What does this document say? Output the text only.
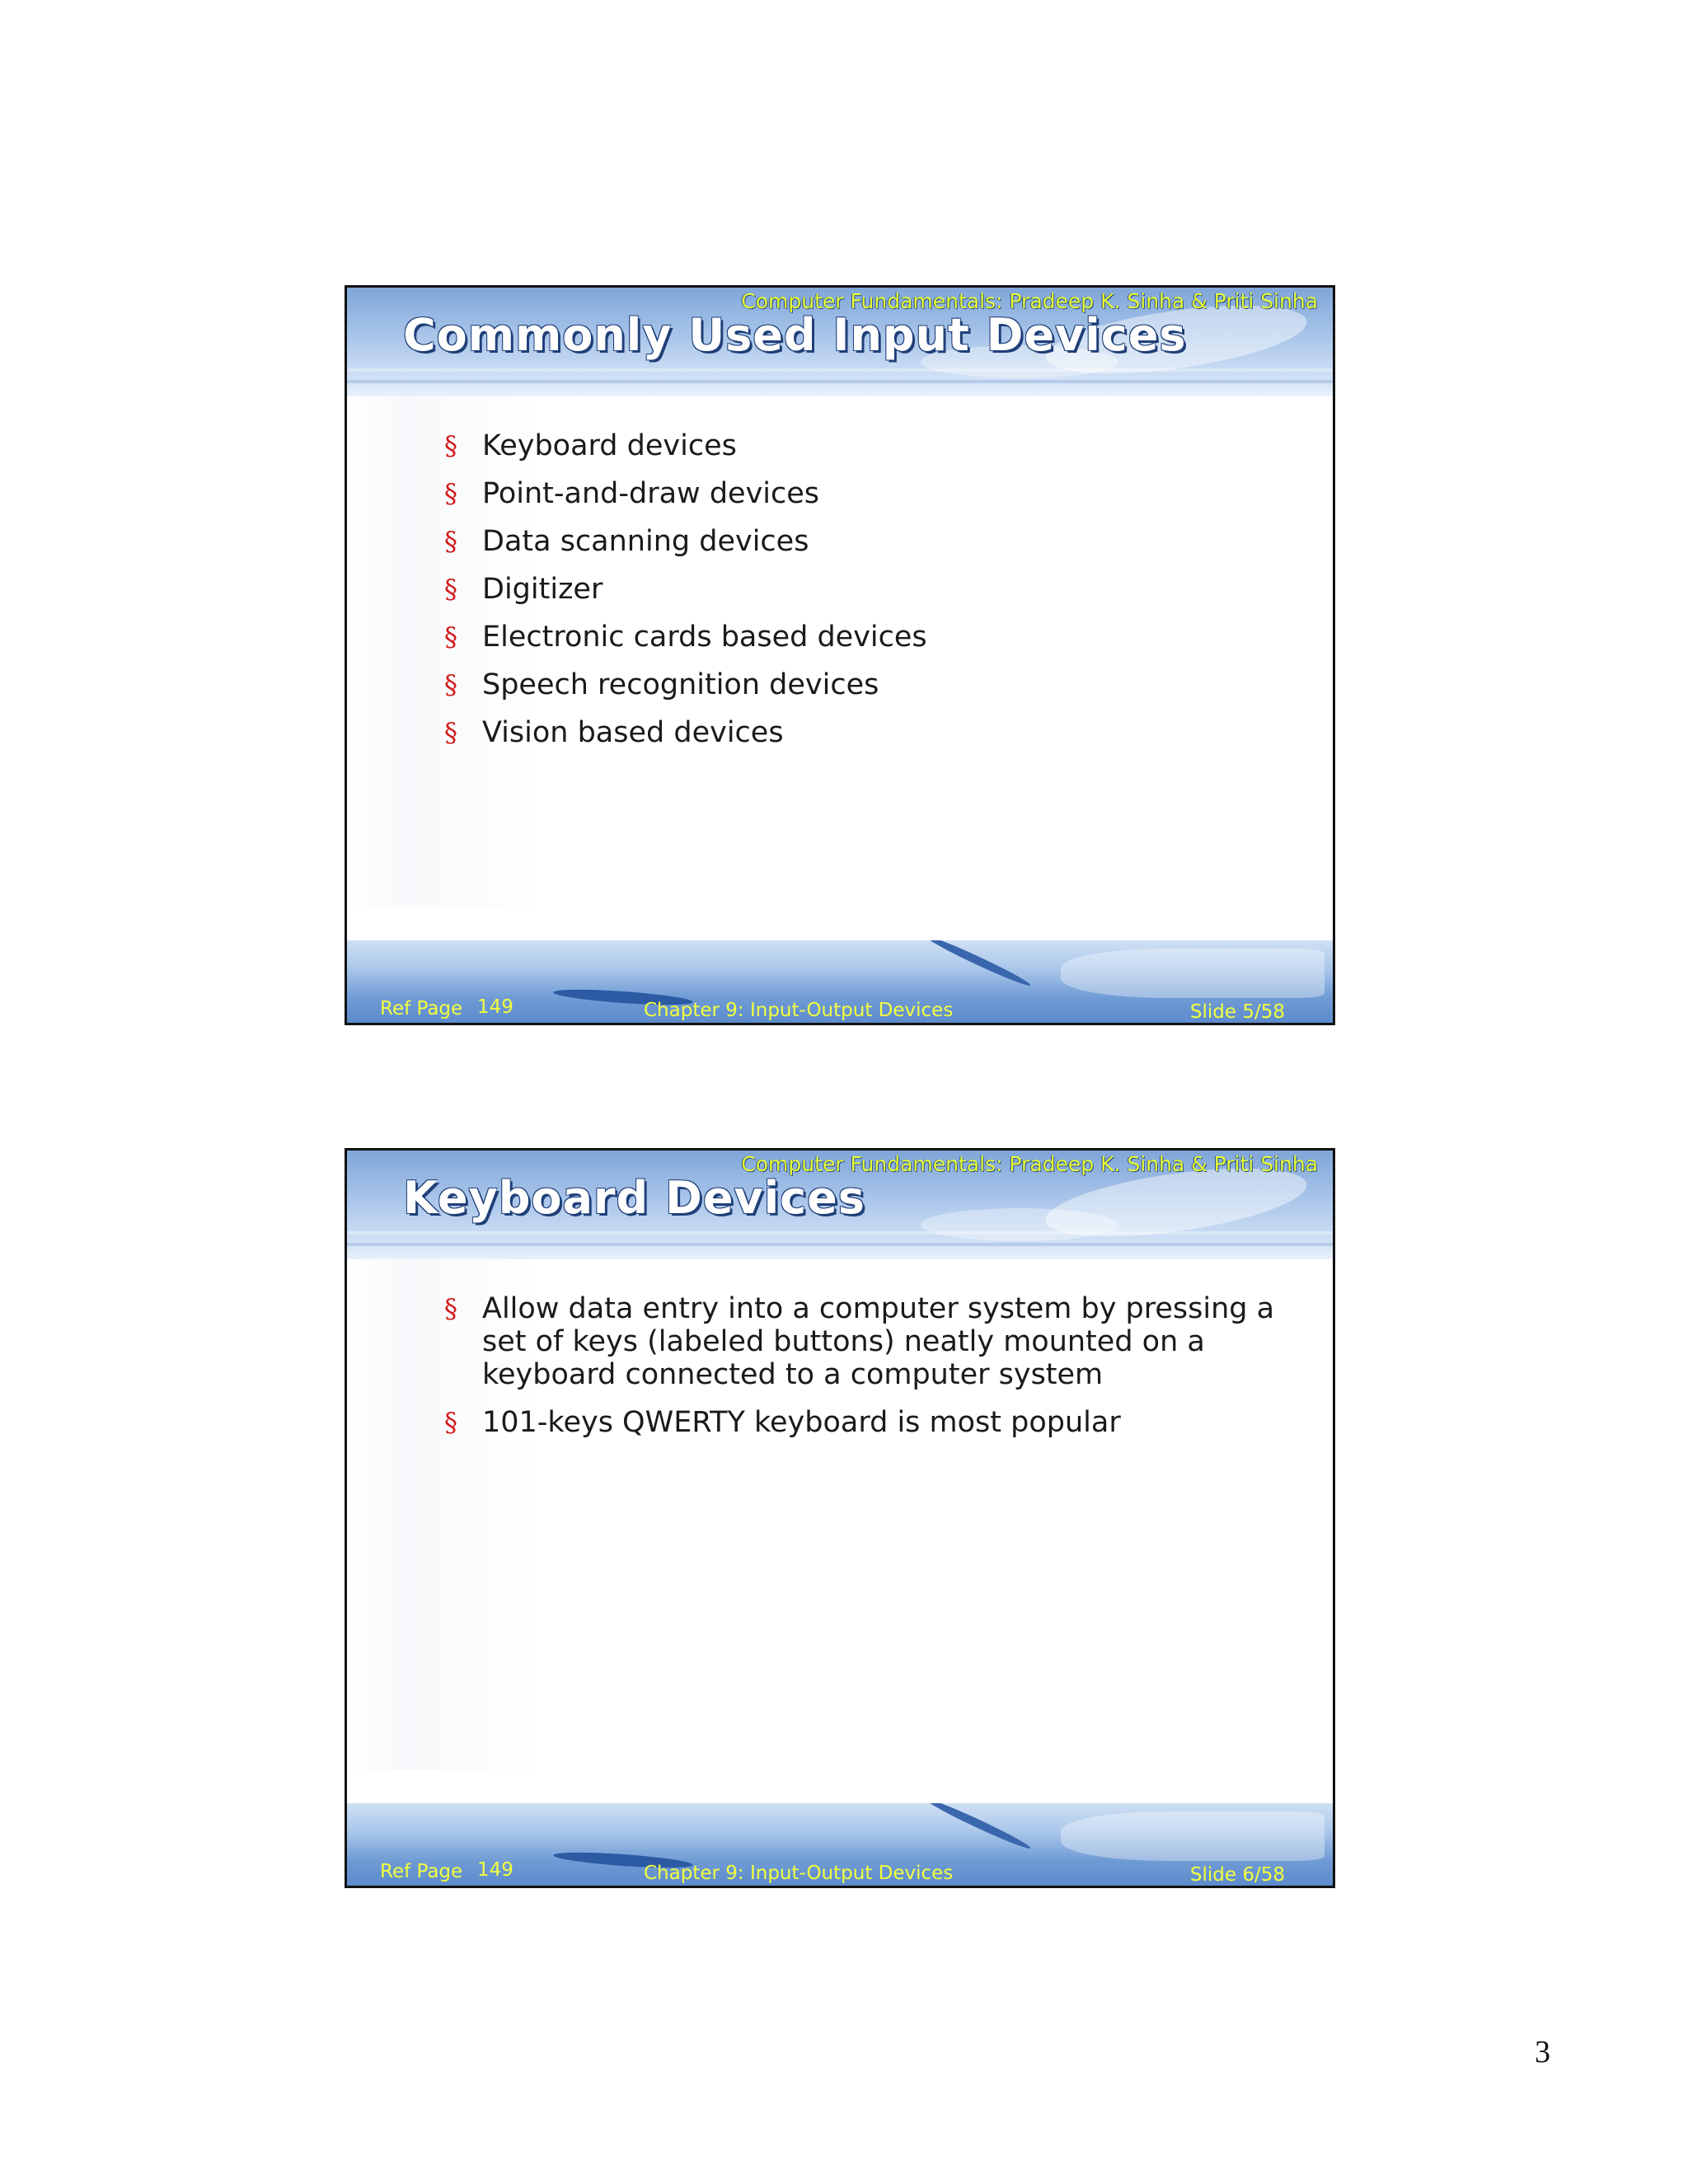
Computer Fundamentals: Pradeep K. Sinha & Priti Sinha
Commonly Used Input Devices
§ Keyboard devices
§ Point-and-draw devices
§ Data scanning devices
§ Digitizer
§ Electronic cards based devices
§ Speech recognition devices
§ Vision based devices
Ref Page 149	Chapter 9: Input-Output Devices	Slide 5/58
Computer Fundamentals: Pradeep K. Sinha & Priti Sinha
Keyboard Devices
§ Allow data entry into a computer system by pressing a set of keys (labeled buttons) neatly mounted on a keyboard connected to a computer system
§ 101-keys QWERTY keyboard is most popular
Ref Page 149	Chapter 9: Input-Output Devices	Slide 6/58
3
